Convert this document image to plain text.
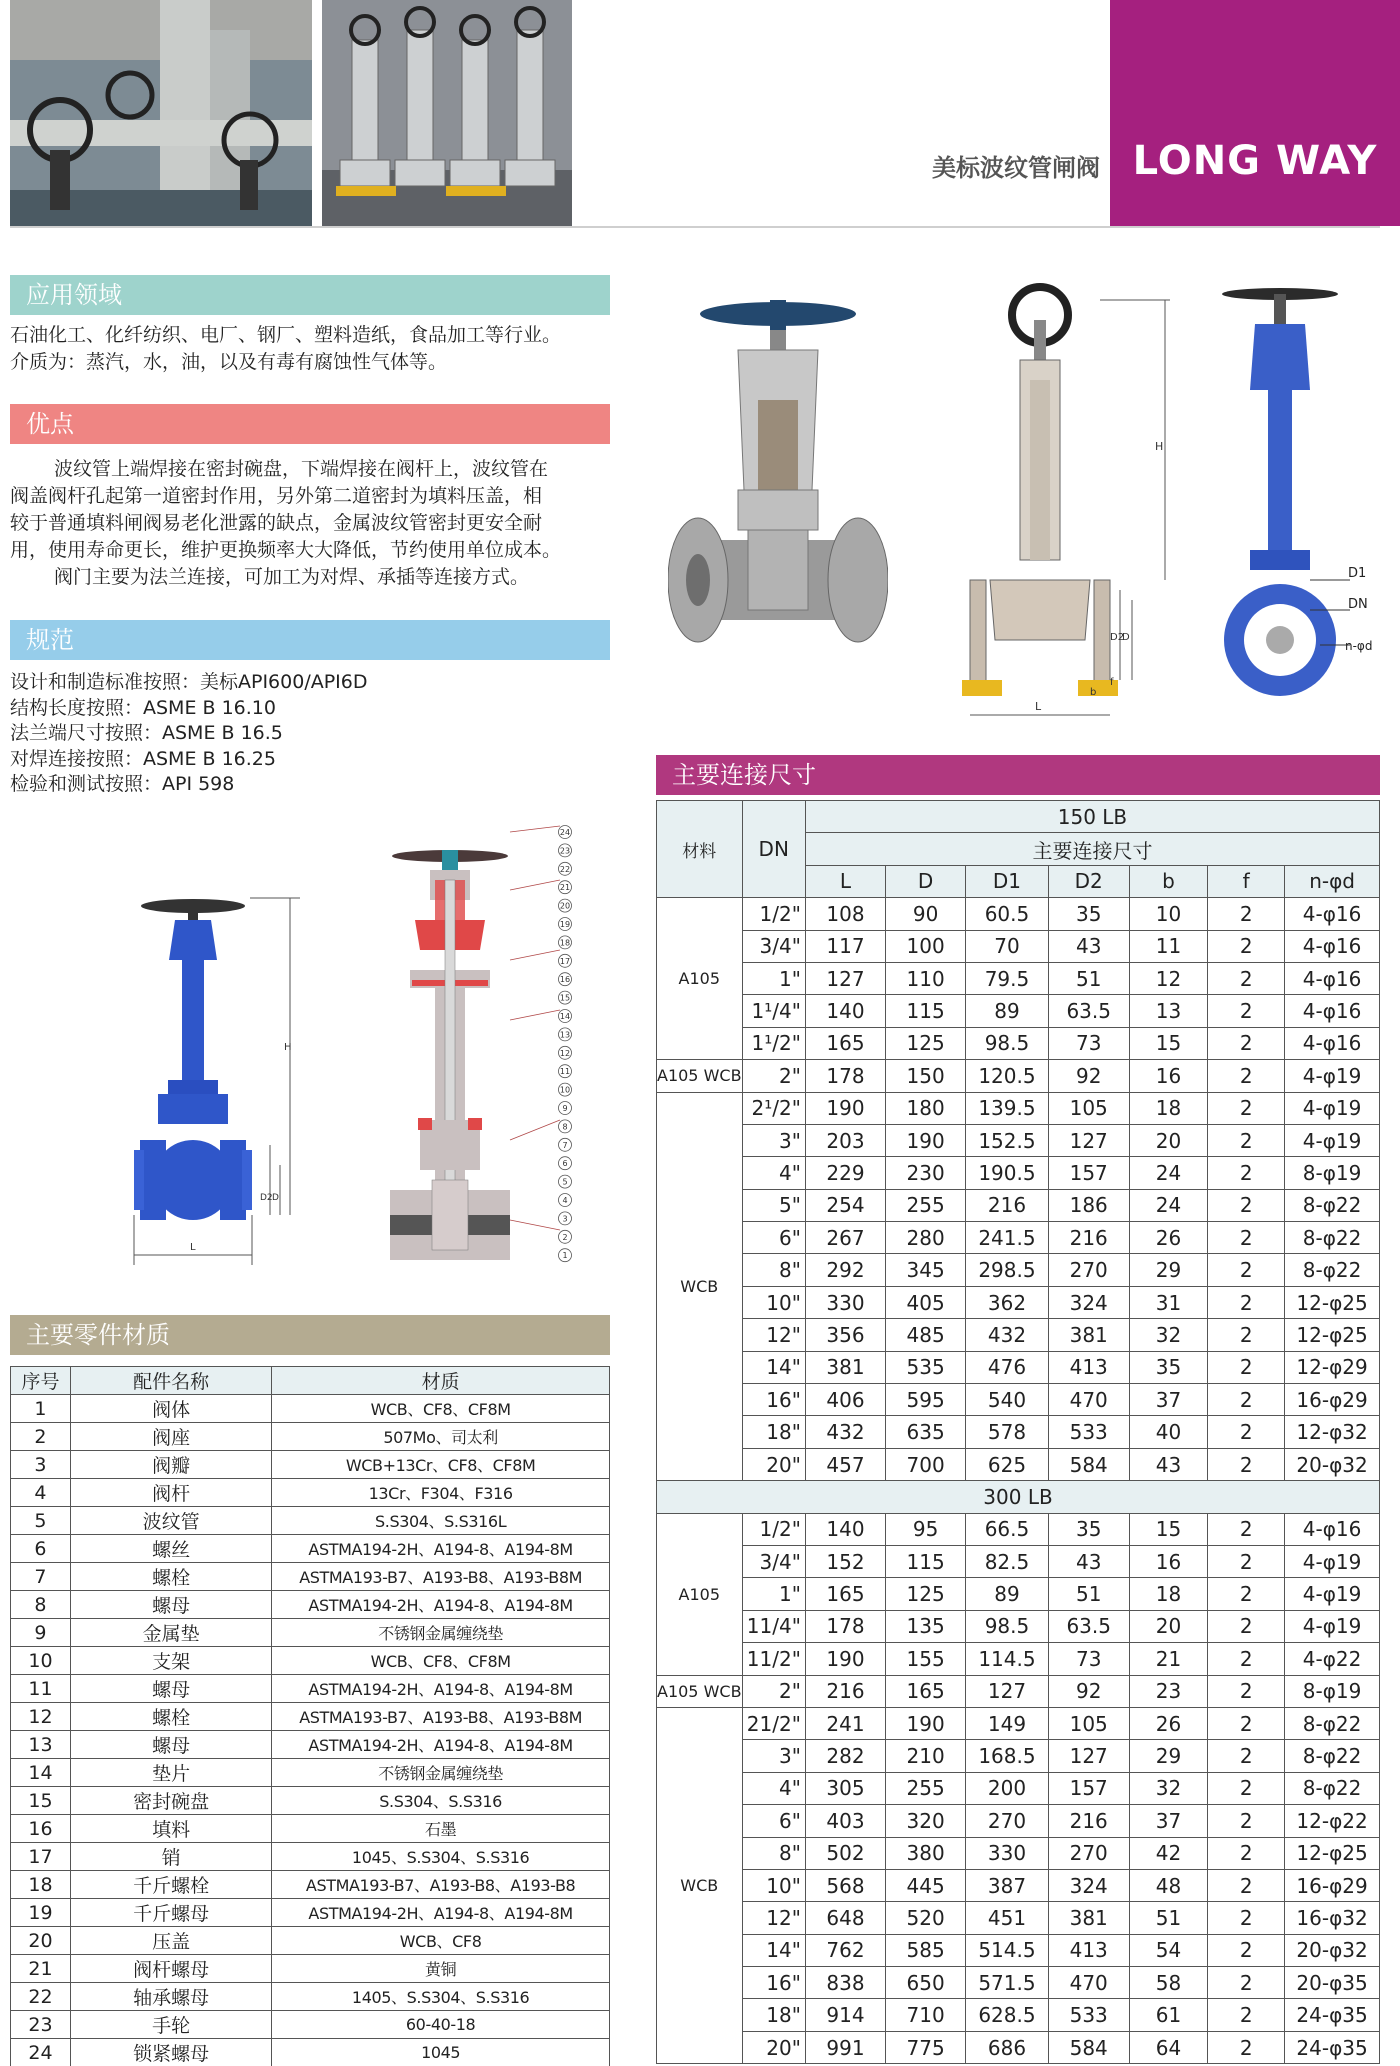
美标波纹管闸阀 LONG WAY
应用领域
石油化工、化纤纺织、电厂、钢厂、塑料造纸，食品加工等行业。
介质为：蒸汽，水，油，以及有毒有腐蚀性气体等。
优点
波纹管上端焊接在密封碗盘，下端焊接在阀杆上，波纹管在
阀盖阀杆孔起第一道密封作用，另外第二道密封为填料压盖，相
较于普通填料闸阀易老化泄露的缺点，金属波纹管密封更安全耐
用，使用寿命更长，维护更换频率大大降低，节约使用单位成本。
阀门主要为法兰连接，可加工为对焊、承插等连接方式。
规范
设计和制造标准按照：美标API600/API6D
结构长度按照：ASME B 16.10
法兰端尺寸按照：ASME B 16.5
对焊连接按照：ASME B 16.25
检验和测试按照：API 598
H
L
D
D2
24
23
22
21
20
19
18
17
16
15
14
13
12
11
10
9
8
7
6
5
4
3
2
1
H
L
D2
D
b
f
D1
DN
n-φd
主要连接尺寸
材料	DN	150 LB						
		主要连接尺寸						
		L	D	D1	D2	b	f	n-φd
A105	1/2"	108	90	60.5	35	10	2	4-φ16
	3/4"	117	100	70	43	11	2	4-φ16
	1"	127	110	79.5	51	12	2	4-φ16
	1¹/4"	140	115	89	63.5	13	2	4-φ16
	1¹/2"	165	125	98.5	73	15	2	4-φ16
A105 WCB	2"	178	150	120.5	92	16	2	4-φ19
WCB	2¹/2"	190	180	139.5	105	18	2	4-φ19
	3"	203	190	152.5	127	20	2	4-φ19
	4"	229	230	190.5	157	24	2	8-φ19
	5"	254	255	216	186	24	2	8-φ22
	6"	267	280	241.5	216	26	2	8-φ22
	8"	292	345	298.5	270	29	2	8-φ22
	10"	330	405	362	324	31	2	12-φ25
	12"	356	485	432	381	32	2	12-φ25
	14"	381	535	476	413	35	2	12-φ29
	16"	406	595	540	470	37	2	16-φ29
	18"	432	635	578	533	40	2	12-φ32
	20"	457	700	625	584	43	2	20-φ32
300 LB								
A105	1/2"	140	95	66.5	35	15	2	4-φ16
	3/4"	152	115	82.5	43	16	2	4-φ19
	1"	165	125	89	51	18	2	4-φ19
	11/4"	178	135	98.5	63.5	20	2	4-φ19
	11/2"	190	155	114.5	73	21	2	4-φ22
A105 WCB	2"	216	165	127	92	23	2	8-φ19
WCB	21/2"	241	190	149	105	26	2	8-φ22
	3"	282	210	168.5	127	29	2	8-φ22
	4"	305	255	200	157	32	2	8-φ22
	6"	403	320	270	216	37	2	12-φ22
	8"	502	380	330	270	42	2	12-φ25
	10"	568	445	387	324	48	2	16-φ29
	12"	648	520	451	381	51	2	16-φ32
	14"	762	585	514.5	413	54	2	20-φ32
	16"	838	650	571.5	470	58	2	20-φ35
	18"	914	710	628.5	533	61	2	24-φ35
	20"	991	775	686	584	64	2	24-φ35
主要零件材质
序号	配件名称	材质
1	阀体	WCB、CF8、CF8M
2	阀座	507Mo、司太利
3	阀瓣	WCB+13Cr、CF8、CF8M
4	阀杆	13Cr、F304、F316
5	波纹管	S.S304、S.S316L
6	螺丝	ASTMA194-2H、A194-8、A194-8M
7	螺栓	ASTMA193-B7、A193-B8、A193-B8M
8	螺母	ASTMA194-2H、A194-8、A194-8M
9	金属垫	不锈钢金属缠绕垫
10	支架	WCB、CF8、CF8M
11	螺母	ASTMA194-2H、A194-8、A194-8M
12	螺栓	ASTMA193-B7、A193-B8、A193-B8M
13	螺母	ASTMA194-2H、A194-8、A194-8M
14	垫片	不锈钢金属缠绕垫
15	密封碗盘	S.S304、S.S316
16	填料	石墨
17	销	1045、S.S304、S.S316
18	千斤螺栓	ASTMA193-B7、A193-B8、A193-B8
19	千斤螺母	ASTMA194-2H、A194-8、A194-8M
20	压盖	WCB、CF8
21	阀杆螺母	黄铜
22	轴承螺母	1405、S.S304、S.S316
23	手轮	60-40-18
24	锁紧螺母	1045
